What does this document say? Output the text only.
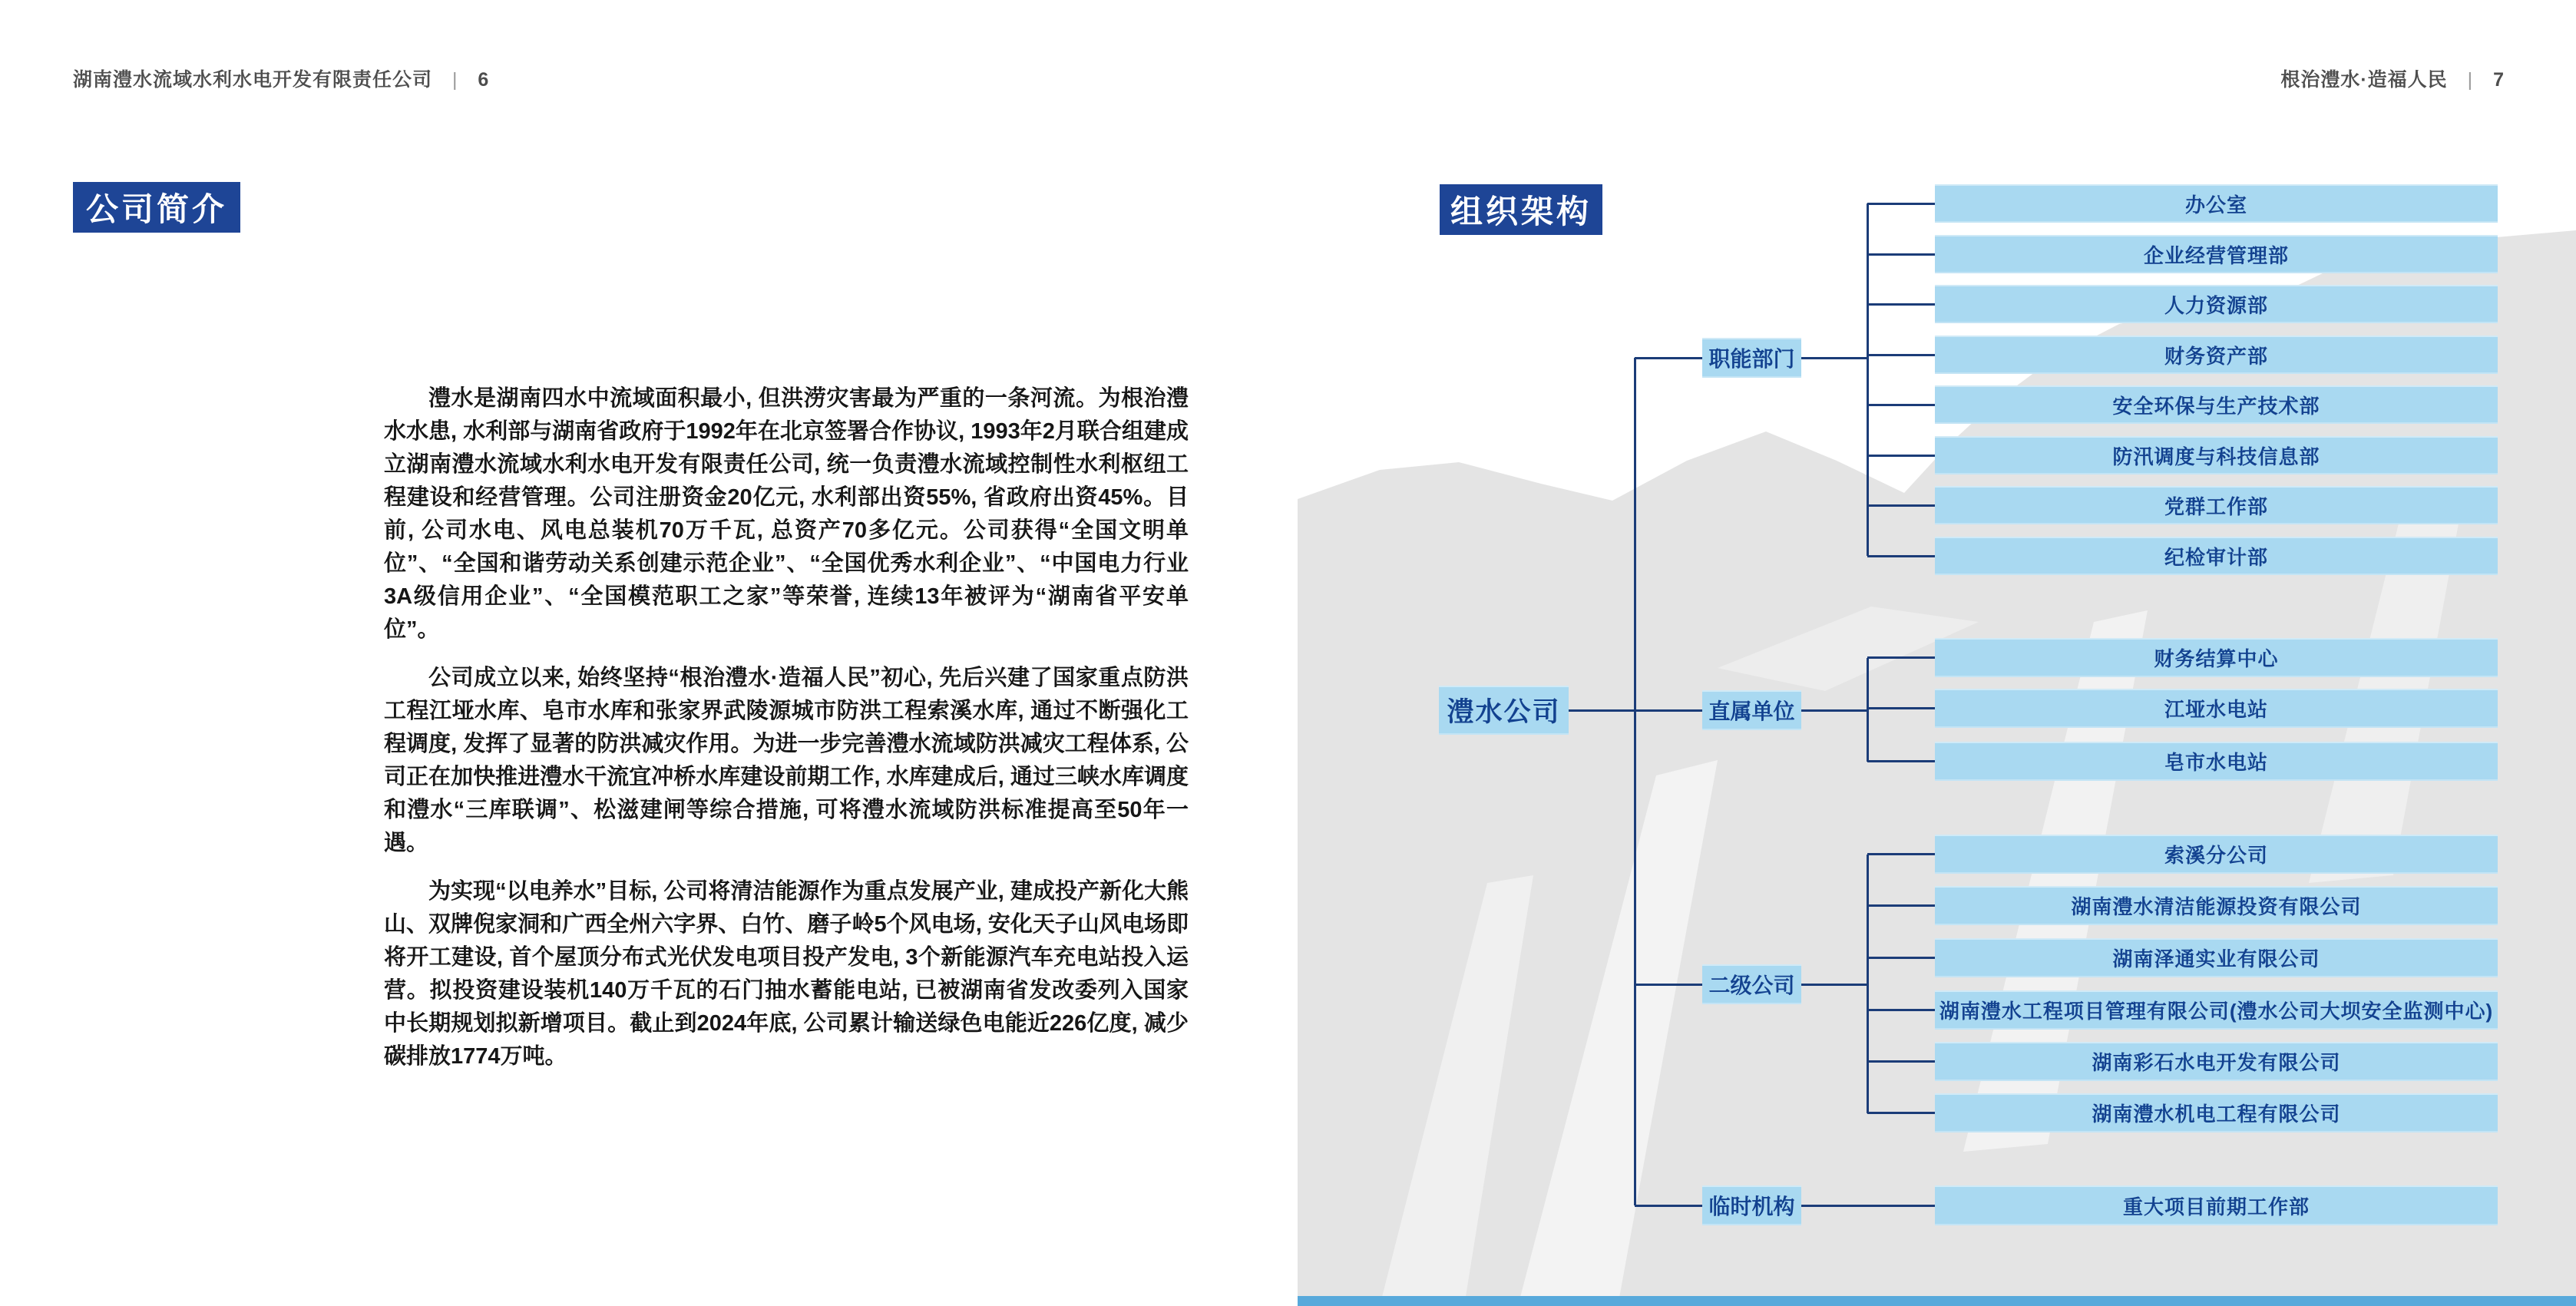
湖南澧水流域水利水电开发有限责任公司 | 6	根治澧水·造福人民 | 7
公司简介	组织架构

澧水是湖南四水中流域面积最小, 但洪涝灾害最为严重的一条河流。为根治澧水水患, 水利部与湖南省政府于1992年在北京签署合作协议, 1993年2月联合组建成立湖南澧水流域水利水电开发有限责任公司, 统一负责澧水流域控制性水利枢纽工程建设和经营管理。公司注册资金20亿元, 水利部出资55%, 省政府出资45%。目前, 公司水电、风电总装机70万千瓦, 总资产70多亿元。公司获得“全国文明单位”、“全国和谐劳动关系创建示范企业”、“全国优秀水利企业”、“中国电力行业3A级信用企业”、“全国模范职工之家”等荣誉, 连续13年被评为“湖南省平安单位”。

公司成立以来, 始终坚持“根治澧水·造福人民”初心, 先后兴建了国家重点防洪工程江垭水库、皂市水库和张家界武陵源城市防洪工程索溪水库, 通过不断强化工程调度, 发挥了显著的防洪减灾作用。为进一步完善澧水流域防洪减灾工程体系, 公司正在加快推进澧水干流宜冲桥水库建设前期工作, 水库建成后, 通过三峡水库调度和澧水“三库联调”、松滋建闸等综合措施, 可将澧水流域防洪标准提高至50年一遇。

为实现“以电养水”目标, 公司将清洁能源作为重点发展产业, 建成投产新化大熊山、双牌倪家洞和广西全州六字界、白竹、磨子岭5个风电场, 安化天子山风电场即将开工建设, 首个屋顶分布式光伏发电项目投产发电, 3个新能源汽车充电站投入运营。拟投资建设装机140万千瓦的石门抽水蓄能电站, 已被湖南省发改委列入国家中长期规划拟新增项目。截止到2024年底, 公司累计输送绿色电能近226亿度, 减少碳排放1774万吨。

澧水公司
职能部门
办公室
企业经营管理部
人力资源部
财务资产部
安全环保与生产技术部
防汛调度与科技信息部
党群工作部
纪检审计部
直属单位
财务结算中心
江垭水电站
皂市水电站
二级公司
索溪分公司
湖南澧水清洁能源投资有限公司
湖南泽通实业有限公司
湖南澧水工程项目管理有限公司(澧水公司大坝安全监测中心)
湖南彩石水电开发有限公司
湖南澧水机电工程有限公司
临时机构	重大项目前期工作部
